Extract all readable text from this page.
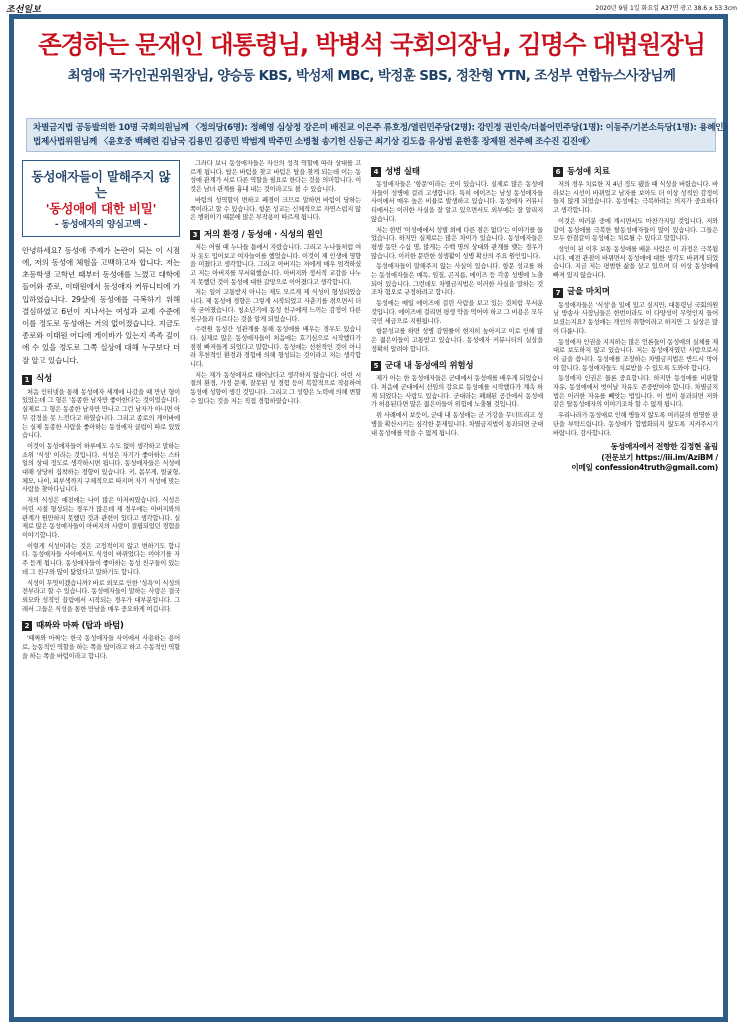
조선일보	2020년 9월 1일 화요일 A37면 광고 38.6 x 53.3cm
존경하는 문재인 대통령님, 박병석 국회의장님, 김명수 대법원장님
최영애 국가인권위원장님, 양승동 KBS, 박성제 MBC, 박정훈 SBS, 정찬형 YTN, 조성부 연합뉴스사장님께
차별금지법 공동발의한 10명 국회의원님께 〈정의당(6명): 정혜영 심상정 강은미 배진교 이은주 류호정/열린민주당(2명): 강민정 권인숙/더불어민주당(1명): 이동주/기본소득당(1명): 용혜인〉
법제사법위원님께 〈윤호중 백혜련 김남국 김용민 김종민 박범계 박주민 소병철 송기헌 신동근 최기상 김도읍 유상범 윤한홍 장제원 전주혜 조수진 김진애〉
동성애자들이 말해주지 않는
'동성애에 대한 비밀'
- 동성애자의 양심고백 -
안녕하세요? 동성애 주제가 논란이 되는 이 시점에, 저의 동성애 체험을 고백하고자 합니다. 저는 초등학생 고학년 때부터 동성애를 느꼈고 대학에 들어와 종로, 이태원에서 동성애자 커뮤니티에 가입하였습니다. 29살에 동성애를 극복하기 위해 결심하였고 6년이 지나서는 여성과 교제 수준에 이를 정도로 동성애는 거의 없어졌습니다. 지금도 종로와 이태원 어디에 게이바가 있는지 족족 깊이에 수 있을 정도로 그쪽 실상에 대해 누구보다 더 잘 알고 있습니다.
1 식성

처음 인터넷을 통해 동성애자 세계에 나갔을 때 만난 형이 있었는데 그 형은 '동종한 남자만 좋아한다'는 것이었습니다. 실제로 그 형은 동종한 남자만 만나고 그런 남자가 아니면 아무 감정을 못 느낀다고 하였습니다. 그리고 종로의 게이바에는 실제 동종한 사람을 좋아하는 동성애자 클럽이 따로 있었습니다.

이것이 동성애자들이 하루에도 수도 없이 생각하고 말하는 소위 '식성' 이라는 것입니다. 식성은 자기가 좋아하는 스타일의 상대 정도로 생각하시면 됩니다. 동성애자들은 식성에 대해 상당히 집착하는 경향이 있습니다. 키, 몸무게, 얼굴형, 체모, 나이, 피부색까지 구체적으로 따지며 자기 식성에 맞는 사람을 찾아다닙니다.

저의 식성은 예전에는 나이 많은 아저씨였습니다. 식성은 어린 시절 형성되는 경우가 많은데 제 경우에는 아버지와의 관계가 원만하지 못했던 것과 관련이 있다고 생각합니다. 실제로 많은 동성애자들이 아버지의 사랑이 결핍되었던 경험을 이야기합니다.

이렇게 식성이라는 것은 고정적이지 않고 변하기도 합니다. 동성애자들 사이에서도 식성이 바뀌었다는 이야기를 자주 듣게 됩니다. 동성애자들이 좋아하는 동성 친구들이 있는데 그 친구와 많이 닮았다고 말하기도 합니다.

식성이 무엇이겠습니까? 바로 외모로 인한 '성욕'이 식성의 전부라고 할 수 있습니다. 동성애자들이 말하는 사랑은 결국 외모와 성적인 끌림에서 시작되는 경우가 대부분입니다. 그래서 그들은 식성을 통한 만남을 매우 중요하게 여깁니다.

2 때짜와 마짜 (탑과 바텀)

'때짜와 마짜'는 한국 동성애자들 사이에서 사용하는 용어로, 능동적인 역할을 하는 쪽을 탑이라고 하고 수동적인 역할을 하는 쪽을 바텀이라고 합니다.

그러다 보니 동성애자들은 자신의 성적 역할에 따라 상대를 고르게 됩니다. 탑은 바텀을 찾고 바텀은 탑을 찾게 되는데 이는 동성애 관계가 서로 다른 역할을 필요로 한다는 것을 의미합니다. 이것은 남녀 관계를 흉내 내는 것이라고도 볼 수 있습니다.

바텀의 성역할이 변하고 폐경이 크므로 말하면 바텀이 당하는 쪽이라고 할 수 있습니다. 항문 성교는 신체적으로 자연스럽지 않은 행위이기 때문에 많은 부작용이 따르게 됩니다.

3 저의 환경 / 동성애 · 식성의 원인

저는 어릴 때 누나들 틈에서 자랐습니다. 그리고 누나들처럼 여자 옷도 입어보고 여자놀이를 했었습니다. 이것이 제 인생에 영향을 미쳤다고 생각합니다. 그리고 아버지는 저에게 매우 엄격하셨고 저는 아버지를 무서워했습니다. 아버지와 정서적 교감을 나누지 못했던 것이 동성에 대한 갈망으로 이어졌다고 생각합니다.

저는 일이 고통받지 아니는 제도 모르게 제 식성이 형성되었습니다. 제 동성애 경향은 그렇게 시작되었고 사춘기를 겪으면서 더욱 굳어졌습니다. 청소년기에 동성 친구에게 느끼는 감정이 다른 친구들과 다르다는 것을 알게 되었습니다.

수련원 동성간 성관계를 통해 동성애를 배우는 경우도 있습니다. 실제로 많은 동성애자들이 처음에는 호기심으로 시작했다가 점점 빠져들게 되었다고 말합니다. 동성애는 선천적인 것이 아니라 후천적인 환경과 경험에 의해 형성되는 것이라고 저는 생각합니다.

저는 제가 동성애자로 태어났다고 생각하지 않습니다. 어린 시절의 환경, 가정 문제, 잘못된 성 경험 등이 복합적으로 작용하여 동성애 성향이 생긴 것입니다. 그리고 그 성향은 노력에 의해 변할 수 있다는 것을 저는 직접 경험하였습니다.

4 성병 실태

동성애자들은 '항문'이라는 곳이 있습니다. 실제로 많은 동성애자들이 성병에 걸려 고생합니다. 특히 에이즈는 남성 동성애자들 사이에서 매우 높은 비율로 발생하고 있습니다. 동성애자 커뮤니티에서는 이러한 사실을 잘 알고 있으면서도 외부에는 잘 알리지 않습니다.

저는 한번 '이성애에서 성별 외에 다른 점은 없다'는 이야기를 들었습니다. 하지만 실제로는 많은 차이가 있습니다. 동성애자들은 평생 동안 수십 명, 많게는 수백 명의 상대와 관계를 맺는 경우가 많습니다. 이러한 문란한 성생활이 성병 확산의 주요 원인입니다.

동성애자들이 말해주지 않는 사실이 있습니다. 항문 성교를 하는 동성애자들은 매독, 임질, 곤지름, 에이즈 등 각종 성병에 노출되어 있습니다. 그런데도 차별금지법은 이러한 사실을 말하는 것조차 혐오로 규정하려고 합니다.

동성애는 매일 에이즈에 걸린 사람을 보고 있는 것처럼 무서운 것입니다. 에이즈에 걸리면 평생 약을 먹어야 하고 그 비용은 모두 국민 세금으로 지원됩니다.

항문성교를 하면 성병 감염률이 현저히 높아지고 이로 인해 많은 젊은이들이 고통받고 있습니다. 동성애자 커뮤니티의 실상을 정확히 알려야 합니다.

5 군대 내 동성애의 위험성

제가 아는 한 동성애자들은 군대에서 동성애를 배우게 되었습니다. 처음에 군대에서 선임의 강요로 동성애를 시작했다가 계속 하게 되었다는 사람도 있습니다. 군대라는 폐쇄된 공간에서 동성애가 허용된다면 많은 젊은이들이 위험에 노출될 것입니다.

위 사례에서 보듯이, 군대 내 동성애는 군 기강을 무너뜨리고 성병을 확산시키는 심각한 문제입니다. 차별금지법이 통과되면 군대 내 동성애를 막을 수 없게 됩니다.

6 동성애 치료

저의 경우 치료한 지 4년 정도 됐을 때 식성을 버렸습니다. 바라보는 시선이 바뀌었고 남자를 보아도 더 이상 성적인 감정이 들지 않게 되었습니다. 동성애는 극복하려는 의지가 중요하다고 생각합니다.

이것은 여러분 중에 계시면서도 마찬가지일 것입니다. 저와 같이 동성애를 극복한 탈동성애자들이 많이 있습니다. 그들은 모두 한결같이 동성애는 치료될 수 있다고 말합니다.

성인이 된 이후 보통 동성애를 배운 사람은 이 과정은 극복됩니다. 예전 관점이 바뀌면서 동성애에 대한 생각도 바뀌게 되었습니다. 지금 저는 평범한 삶을 살고 있으며 더 이상 동성애에 빠져 있지 않습니다.

7 글을 마치며

동성애자들은 '식성'을 일에 있고 싶지만, 대통령님 국회의원님 방송사 사장님들은 한번이라도 이 다양성이 무엇인지 들어보셨는지요? 동성애는 개인의 취향이라고 하지만 그 실상은 많이 다릅니다.

동성애자 인권을 지지하는 많은 언론들이 동성애의 실체를 제대로 보도하지 않고 있습니다. 저는 동성애자였던 사람으로서 이 글을 씁니다. 동성애를 조장하는 차별금지법은 반드시 막아야 합니다. 동성애자들도 치료받을 수 있도록 도와야 합니다.

동성애자 인권은 물론 중요합니다. 하지만 동성애를 비판할 자유, 동성애에서 벗어날 자유도 존중받아야 합니다. 차별금지법은 이러한 자유를 빼앗는 법입니다. 이 법이 통과되면 저와 같은 탈동성애자의 이야기조차 할 수 없게 됩니다.

우리나라가 동성애로 인해 병들지 않도록 여러분의 현명한 판단을 부탁드립니다. 동성애가 합법화되지 않도록 지켜주시기 바랍니다. 감사합니다.

동성애자에서 전향한 김정현 올림
(전문보기 https://iii.im/AziBM /
이메일 confession4truth@gmail.com)
